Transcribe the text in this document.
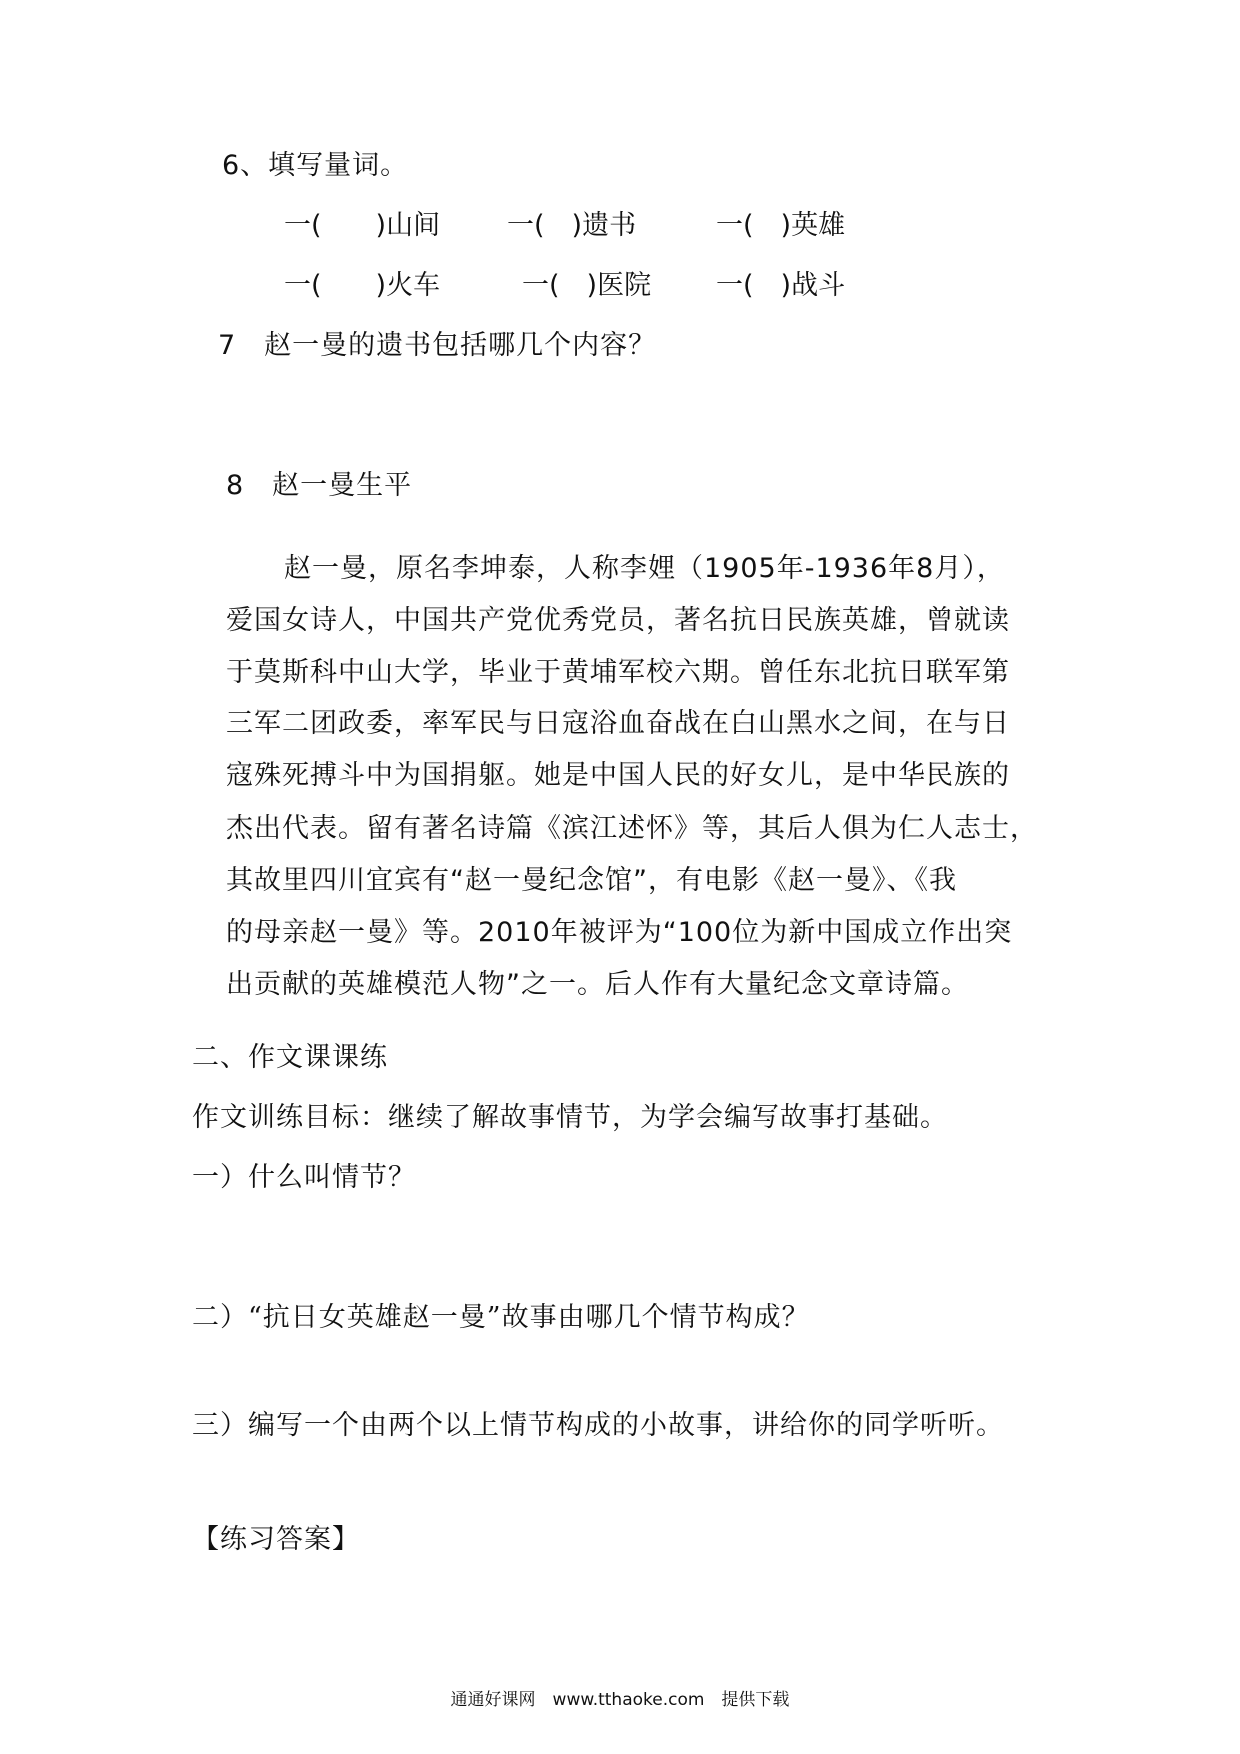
6、填写量词。
一(　　)山间 一(　)遗书	一(　)英雄
一(　　)火车	一(　)医院 一(　)战斗
7　赵一曼的遗书包括哪几个内容？
8　赵一曼生平
赵一曼，原名李坤泰，人称李娌（1905年-1936年8月），
爱国女诗人，中国共产党优秀党员，著名抗日民族英雄，曾就读
于莫斯科中山大学，毕业于黄埔军校六期。曾任东北抗日联军第
三军二团政委，率军民与日寇浴血奋战在白山黑水之间，在与日
寇殊死搏斗中为国捐躯。她是中国人民的好女儿，是中华民族的
杰出代表。留有著名诗篇《滨江述怀》等，其后人俱为仁人志士，
其故里四川宜宾有“赵一曼纪念馆”，有电影《赵一曼》、《我
的母亲赵一曼》等。2010年被评为“100位为新中国成立作出突
出贡献的英雄模范人物”之一。后人作有大量纪念文章诗篇。
二、作文课课练
作文训练目标：继续了解故事情节，为学会编写故事打基础。
一）什么叫情节？
二）“抗日女英雄赵一曼”故事由哪几个情节构成？
三）编写一个由两个以上情节构成的小故事，讲给你的同学听听。
【练习答案】
通通好课网　www.tthaoke.com　提供下载
